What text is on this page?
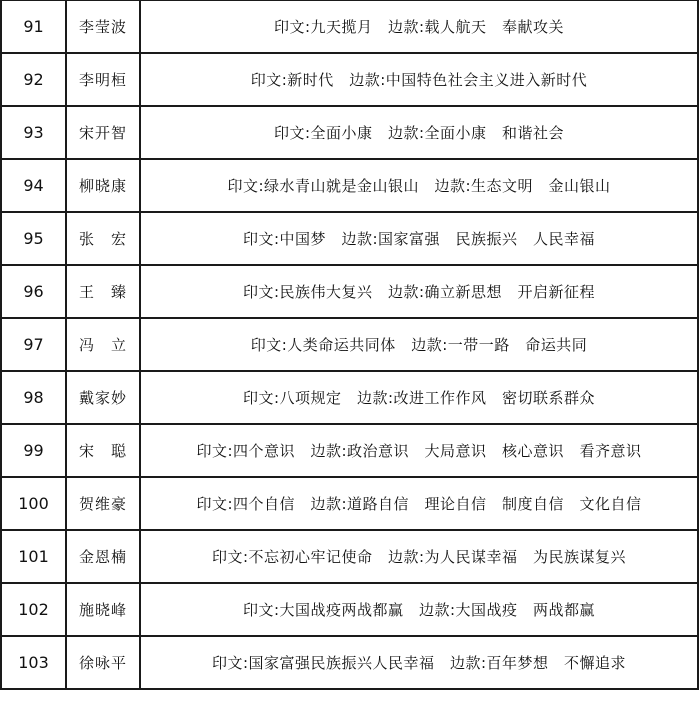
91	李莹波	印文:九天揽月　边款:载人航天　奉献攻关
92	李明桓	印文:新时代　边款:中国特色社会主义进入新时代
93	宋开智	印文:全面小康　边款:全面小康　和谐社会
94	柳晓康	印文:绿水青山就是金山银山　边款:生态文明　金山银山
95	张　宏	印文:中国梦　边款:国家富强　民族振兴　人民幸福
96	王　臻	印文:民族伟大复兴　边款:确立新思想　开启新征程
97	冯　立	印文:人类命运共同体　边款:一带一路　命运共同
98	戴家妙	印文:八项规定　边款:改进工作作风　密切联系群众
99	宋　聪	印文:四个意识　边款:政治意识　大局意识　核心意识　看齐意识
100	贺维豪	印文:四个自信　边款:道路自信　理论自信　制度自信　文化自信
101	金恩楠	印文:不忘初心牢记使命　边款:为人民谋幸福　为民族谋复兴
102	施晓峰	印文:大国战疫两战都赢　边款:大国战疫　两战都赢
103	徐咏平	印文:国家富强民族振兴人民幸福　边款:百年梦想　不懈追求
